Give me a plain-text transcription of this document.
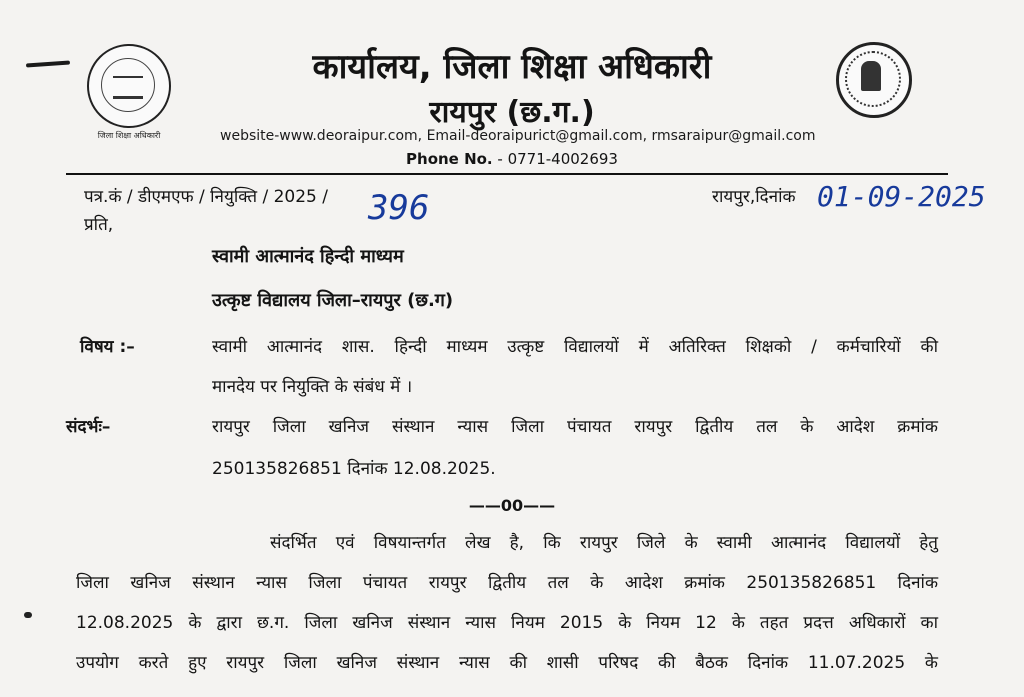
जिला शिक्षा अधिकारी
कार्यालय, जिला शिक्षा अधिकारी
रायपुर (छ.ग.)
website-www.deoraipur.com, Email-deoraipurict@gmail.com, rmsaraipur@gmail.com
Phone No. - 0771-4002693
पत्र.कं / डीएमएफ / नियुक्ति / 2025 / 396	रायपुर,दिनांक 01-09-2025
प्रति,
स्वामी आत्मानंद हिन्दी माध्यम
उत्कृष्ट विद्यालय जिला–रायपुर (छ.ग)
विषय :–	स्वामी आत्मानंद शास. हिन्दी माध्यम उत्कृष्ट विद्यालयों में अतिरिक्त शिक्षको / कर्मचारियों की
मानदेय पर नियुक्ति के संबंध में ।
संदर्भः–	रायपुर जिला खनिज संस्थान न्यास जिला पंचायत रायपुर द्वितीय तल के आदेश क्रमांक
250135826851 दिनांक 12.08.2025.
——00——
संदर्भित एवं विषयान्तर्गत लेख है, कि रायपुर जिले के स्वामी आत्मानंद विद्यालयों हेतु
जिला खनिज संस्थान न्यास जिला पंचायत रायपुर द्वितीय तल के आदेश क्रमांक 250135826851 दिनांक
12.08.2025 के द्वारा छ.ग. जिला खनिज संस्थान न्यास नियम 2015 के नियम 12 के तहत प्रदत्त अधिकारों का
उपयोग करते हुए रायपुर जिला खनिज संस्थान न्यास की शासी परिषद की बैठक दिनांक 11.07.2025 के
